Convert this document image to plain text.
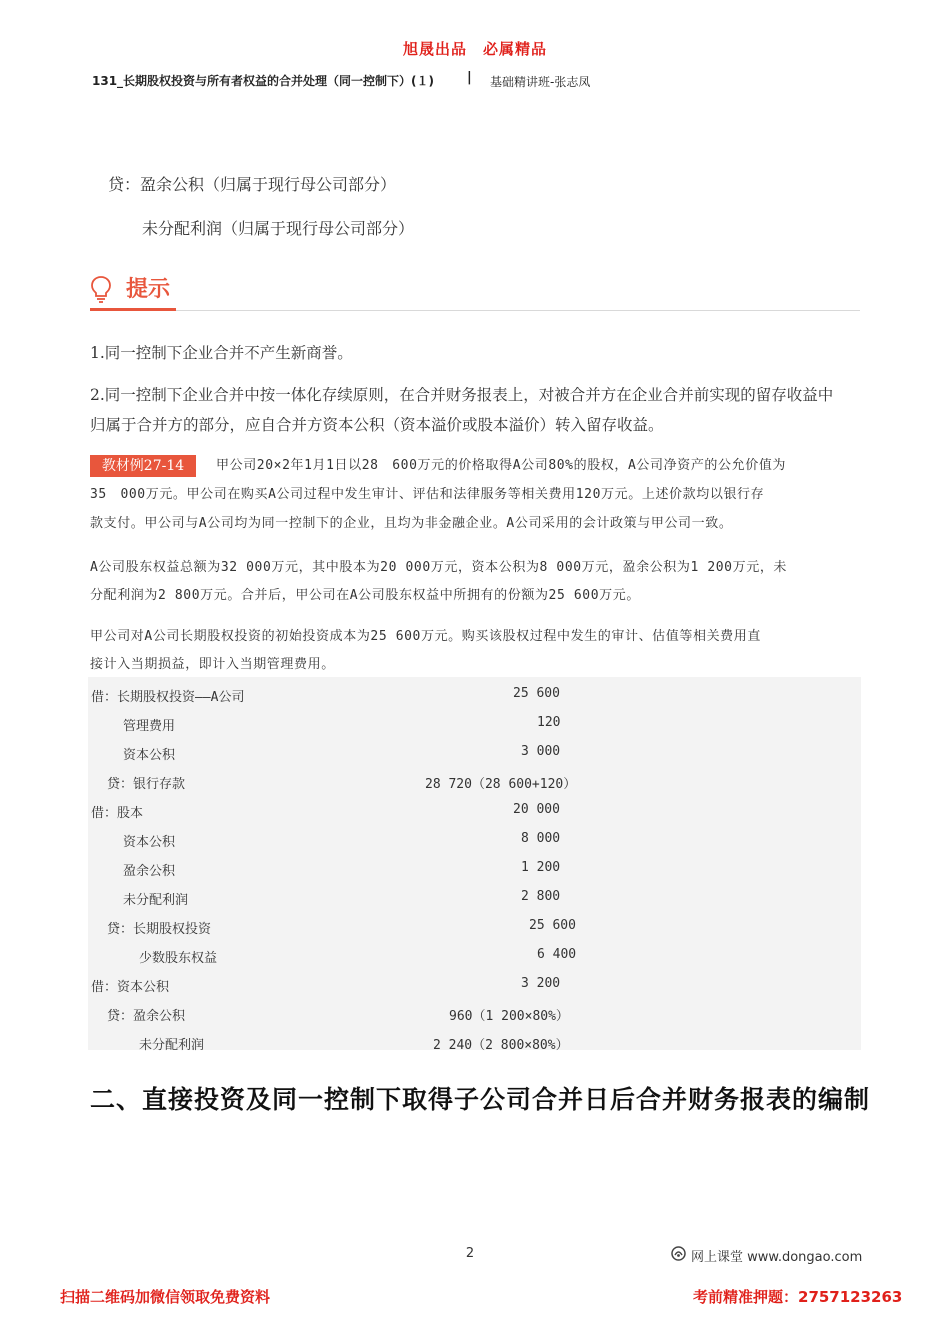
旭晟出品　必属精品
131_长期股权投资与所有者权益的合并处理（同一控制下）(１)	| 基础精讲班-张志凤
贷：盈余公积（归属于现行母公司部分）
未分配利润（归属于现行母公司部分）
提示
1.同一控制下企业合并不产生新商誉。
2.同一控制下企业合并中按一体化存续原则，在合并财务报表上，对被合并方在企业合并前实现的留存收益中
归属于合并方的部分，应自合并方资本公积（资本溢价或股本溢价）转入留存收益。
教材例27-14	甲公司20×2年1月1日以28　600万元的价格取得A公司80%的股权，A公司净资产的公允价值为
35　000万元。甲公司在购买A公司过程中发生审计、评估和法律服务等相关费用120万元。上述价款均以银行存
款支付。甲公司与A公司均为同一控制下的企业，且均为非金融企业。A公司采用的会计政策与甲公司一致。
A公司股东权益总额为32 000万元，其中股本为20 000万元，资本公积为8 000万元，盈余公积为1 200万元，未
分配利润为2 800万元。合并后，甲公司在A公司股东权益中所拥有的份额为25 600万元。
甲公司对A公司长期股权投资的初始投资成本为25 600万元。购买该股权过程中发生的审计、估值等相关费用直
接计入当期损益，即计入当期管理费用。
借：长期股权投资——A公司	25 600
管理费用	120
资本公积	3 000
贷：银行存款	28 720（28 600+120）
借：股本	20 000
资本公积	8 000
盈余公积	1 200
未分配利润	2 800
贷：长期股权投资	25 600
少数股东权益	6 400
借：资本公积	3 200
贷：盈余公积	960（1 200×80%）
未分配利润	2 240（2 800×80%）
二、直接投资及同一控制下取得子公司合并日后合并财务报表的编制
2	网上课堂 www.dongao.com
扫描二维码加微信领取免费资料	考前精准押题：2757123263
